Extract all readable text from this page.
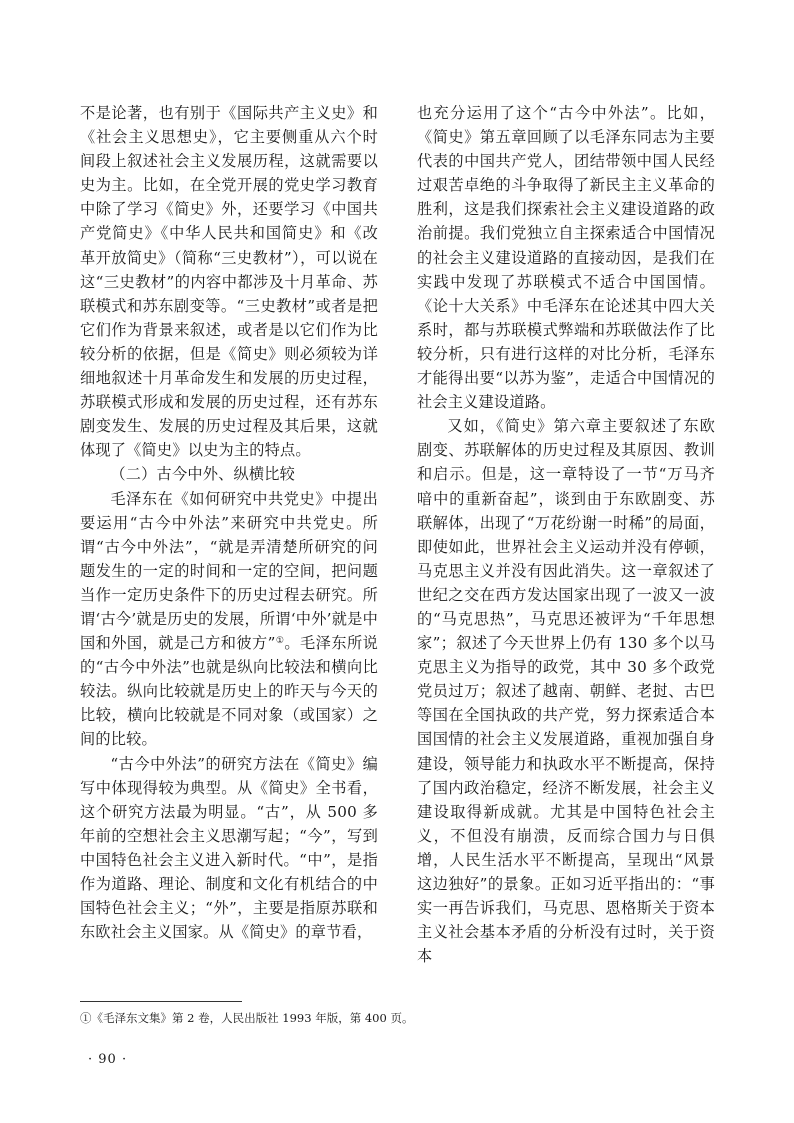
不是论著，也有别于《国际共产主义史》和《社会主义思想史》，它主要侧重从六个时间段上叙述社会主义发展历程，这就需要以史为主。比如，在全党开展的党史学习教育中除了学习《简史》外，还要学习《中国共产党简史》《中华人民共和国简史》和《改革开放简史》（简称“三史教材”），可以说在这“三史教材”的内容中都涉及十月革命、苏联模式和苏东剧变等。“三史教材”或者是把它们作为背景来叙述，或者是以它们作为比较分析的依据，但是《简史》则必须较为详细地叙述十月革命发生和发展的历史过程，苏联模式形成和发展的历史过程，还有苏东剧变发生、发展的历史过程及其后果，这就体现了《简史》以史为主的特点。

（二）古今中外、纵横比较

毛泽东在《如何研究中共党史》中提出要运用“古今中外法”来研究中共党史。所谓“古今中外法”，“就是弄清楚所研究的问题发生的一定的时间和一定的空间，把问题当作一定历史条件下的历史过程去研究。所谓‘古今’就是历史的发展，所谓‘中外’就是中国和外国，就是己方和彼方”①。毛泽东所说的“古今中外法”也就是纵向比较法和横向比较法。纵向比较就是历史上的昨天与今天的比较，横向比较就是不同对象（或国家）之间的比较。

“古今中外法”的研究方法在《简史》编写中体现得较为典型。从《简史》全书看，这个研究方法最为明显。“古”，从 500 多年前的空想社会主义思潮写起；“今”，写到中国特色社会主义进入新时代。“中”，是指作为道路、理论、制度和文化有机结合的中国特色社会主义；“外”，主要是指原苏联和东欧社会主义国家。从《简史》的章节看，

也充分运用了这个“古今中外法”。比如，《简史》第五章回顾了以毛泽东同志为主要代表的中国共产党人，团结带领中国人民经过艰苦卓绝的斗争取得了新民主主义革命的胜利，这是我们探索社会主义建设道路的政治前提。我们党独立自主探索适合中国情况的社会主义建设道路的直接动因，是我们在实践中发现了苏联模式不适合中国国情。《论十大关系》中毛泽东在论述其中四大关系时，都与苏联模式弊端和苏联做法作了比较分析，只有进行这样的对比分析，毛泽东才能得出要“以苏为鉴”，走适合中国情况的社会主义建设道路。

又如，《简史》第六章主要叙述了东欧剧变、苏联解体的历史过程及其原因、教训和启示。但是，这一章特设了一节“万马齐喑中的重新奋起”，谈到由于东欧剧变、苏联解体，出现了“万花纷谢一时稀”的局面，即使如此，世界社会主义运动并没有停顿，马克思主义并没有因此消失。这一章叙述了世纪之交在西方发达国家出现了一波又一波的“马克思热”，马克思还被评为“千年思想家”；叙述了今天世界上仍有 130 多个以马克思主义为指导的政党，其中 30 多个政党党员过万；叙述了越南、朝鲜、老挝、古巴等国在全国执政的共产党，努力探索适合本国国情的社会主义发展道路，重视加强自身建设，领导能力和执政水平不断提高，保持了国内政治稳定，经济不断发展，社会主义建设取得新成就。尤其是中国特色社会主义，不但没有崩溃，反而综合国力与日俱增，人民生活水平不断提高，呈现出“风景这边独好”的景象。正如习近平指出的：“事实一再告诉我们，马克思、恩格斯关于资本主义社会基本矛盾的分析没有过时，关于资本

①《毛泽东文集》第 2 卷，人民出版社 1993 年版，第 400 页。
· 90 ·
